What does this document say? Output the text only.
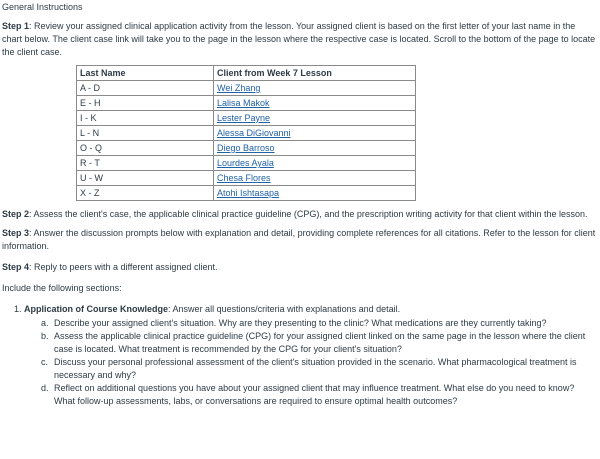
General Instructions

Step 1: Review your assigned clinical application activity from the lesson. Your assigned client is based on the first letter of your last name in the chart below. The client case link will take you to the page in the lesson where the respective case is located. Scroll to the bottom of the page to locate the client case.

Last Name	Client from Week 7 Lesson
A - D	Wei Zhang
E - H	Lalisa Makok
I - K	Lester Payne
L - N	Alessa DiGiovanni
O - Q	Diego Barroso
R - T	Lourdes Ayala
U - W	Chesa Flores
X - Z	Atohi Ishtasapa

Step 2: Assess the client's case, the applicable clinical practice guideline (CPG), and the prescription writing activity for that client within the lesson.

Step 3: Answer the discussion prompts below with explanation and detail, providing complete references for all citations. Refer to the lesson for client information.

Step 4: Reply to peers with a different assigned client.

Include the following sections:

1. Application of Course Knowledge: Answer all questions/criteria with explanations and detail.
a. Describe your assigned client's situation. Why are they presenting to the clinic? What medications are they currently taking?
b. Assess the applicable clinical practice guideline (CPG) for your assigned client linked on the same page in the lesson where the client case is located. What treatment is recommended by the CPG for your client's situation?
c. Discuss your personal professional assessment of the client's situation provided in the scenario. What pharmacological treatment is necessary and why?
d. Reflect on additional questions you have about your assigned client that may influence treatment. What else do you need to know? What follow-up assessments, labs, or conversations are required to ensure optimal health outcomes?
